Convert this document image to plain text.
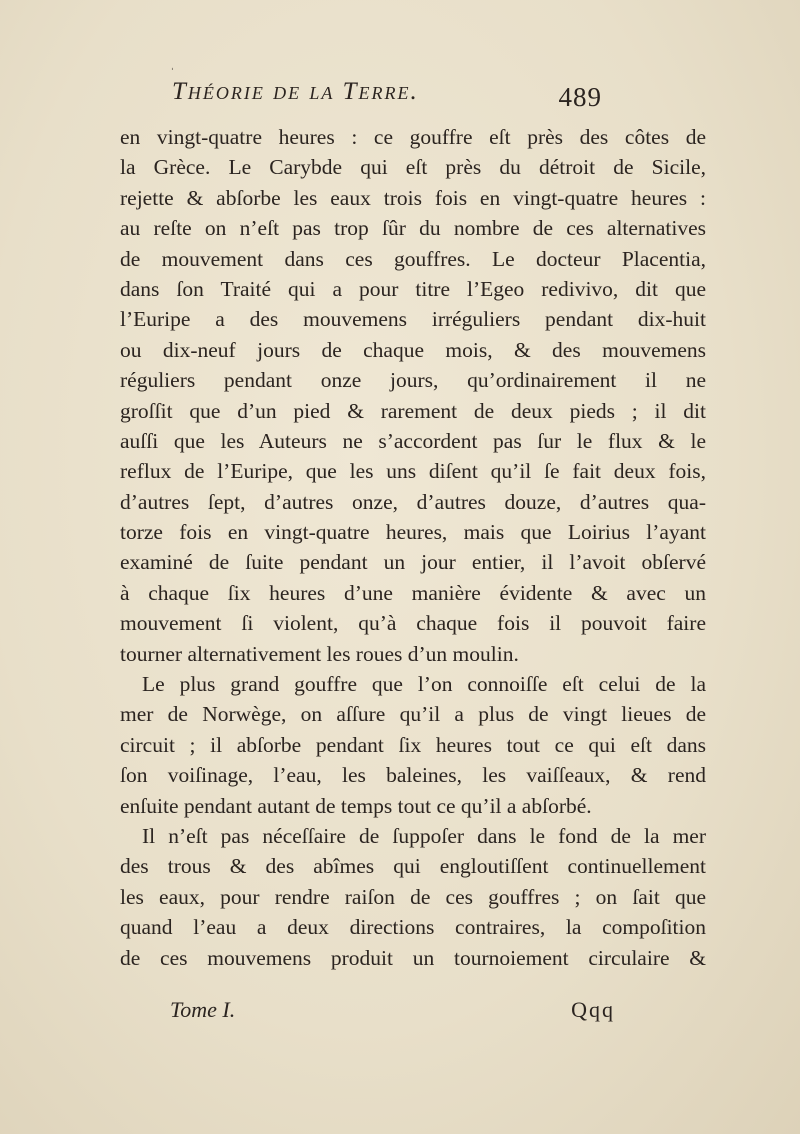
ˌ
Théorie de la Terre.	489
en vingt-quatre heures : ce gouffre eſt près des côtes de
la Grèce. Le Carybde qui eſt près du détroit de Sicile,
rejette & abſorbe les eaux trois fois en vingt-quatre heures :
au reſte on n’eſt pas trop ſûr du nombre de ces alternatives
de mouvement dans ces gouffres. Le docteur Placentia,
dans ſon Traité qui a pour titre l’Egeo redivivo, dit que
l’Euripe a des mouvemens irréguliers pendant dix-huit
ou dix-neuf jours de chaque mois, & des mouvemens
réguliers pendant onze jours, qu’ordinairement il ne
groſſit que d’un pied & rarement de deux pieds ; il dit
auſſi que les Auteurs ne s’accordent pas ſur le flux & le
reflux de l’Euripe, que les uns diſent qu’il ſe fait deux fois,
d’autres ſept, d’autres onze, d’autres douze, d’autres qua-
torze fois en vingt-quatre heures, mais que Loirius l’ayant
examiné de ſuite pendant un jour entier, il l’avoit obſervé
à chaque ſix heures d’une manière évidente & avec un
mouvement ſi violent, qu’à chaque fois il pouvoit faire
tourner alternativement les roues d’un moulin.
Le plus grand gouffre que l’on connoiſſe eſt celui de la
mer de Norwège, on aſſure qu’il a plus de vingt lieues de
circuit ; il abſorbe pendant ſix heures tout ce qui eſt dans
ſon voiſinage, l’eau, les baleines, les vaiſſeaux, & rend
enſuite pendant autant de temps tout ce qu’il a abſorbé.
Il n’eſt pas néceſſaire de ſuppoſer dans le fond de la mer
des trous & des abîmes qui engloutiſſent continuellement
les eaux, pour rendre raiſon de ces gouffres ; on ſait que
quand l’eau a deux directions contraires, la compoſition
de ces mouvemens produit un tournoiement circulaire &
Tome I.	Qqq
